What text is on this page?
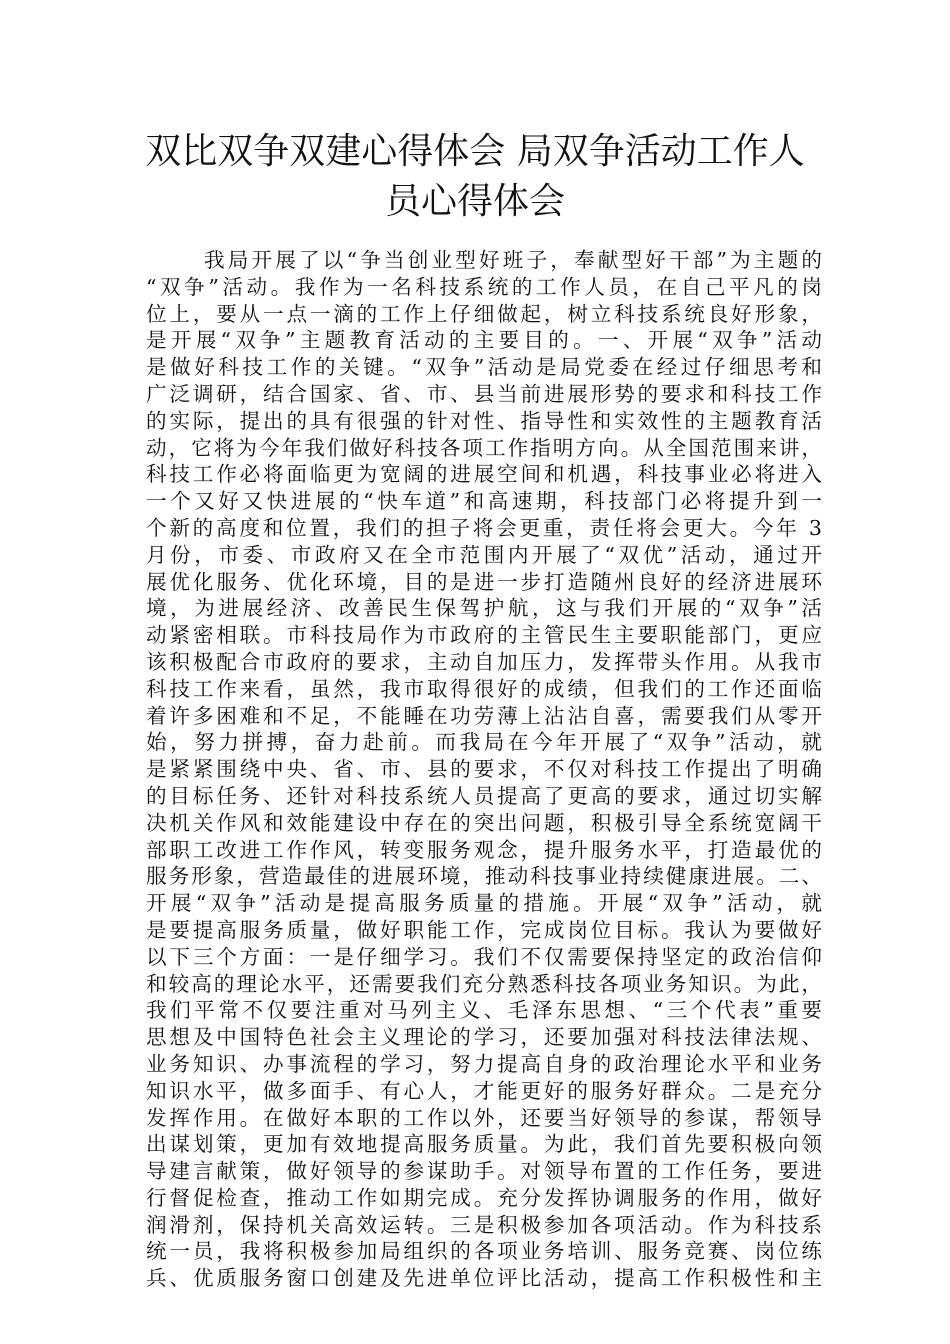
双比双争双建心得体会 局双争活动工作人
员心得体会
我局开展了以“争当创业型好班子，奉献型好干部”为主题的
“双争”活动。我作为一名科技系统的工作人员，在自己平凡的岗
位上，要从一点一滴的工作上仔细做起，树立科技系统良好形象，
是开展“双争”主题教育活动的主要目的。一、开展“双争”活动
是做好科技工作的关键。“双争”活动是局党委在经过仔细思考和
广泛调研，结合国家、省、市、县当前进展形势的要求和科技工作
的实际，提出的具有很强的针对性、指导性和实效性的主题教育活
动，它将为今年我们做好科技各项工作指明方向。从全国范围来讲，
科技工作必将面临更为宽阔的进展空间和机遇，科技事业必将进入
一个又好又快进展的“快车道”和高速期，科技部门必将提升到一
个新的高度和位置，我们的担子将会更重，责任将会更大。今年 3
月份，市委、市政府又在全市范围内开展了“双优”活动，通过开
展优化服务、优化环境，目的是进一步打造随州良好的经济进展环
境，为进展经济、改善民生保驾护航，这与我们开展的“双争”活
动紧密相联。市科技局作为市政府的主管民生主要职能部门，更应
该积极配合市政府的要求，主动自加压力，发挥带头作用。从我市
科技工作来看，虽然，我市取得很好的成绩，但我们的工作还面临
着许多困难和不足，不能睡在功劳薄上沾沾自喜，需要我们从零开
始，努力拼搏，奋力赴前。而我局在今年开展了“双争”活动，就
是紧紧围绕中央、省、市、县的要求，不仅对科技工作提出了明确
的目标任务、还针对科技系统人员提高了更高的要求，通过切实解
决机关作风和效能建设中存在的突出问题，积极引导全系统宽阔干
部职工改进工作作风，转变服务观念，提升服务水平，打造最优的
服务形象，营造最佳的进展环境，推动科技事业持续健康进展。二、
开展“双争”活动是提高服务质量的措施。开展“双争”活动，就
是要提高服务质量，做好职能工作，完成岗位目标。我认为要做好
以下三个方面：一是仔细学习。我们不仅需要保持坚定的政治信仰
和较高的理论水平，还需要我们充分熟悉科技各项业务知识。为此，
我们平常不仅要注重对马列主义、毛泽东思想、“三个代表”重要
思想及中国特色社会主义理论的学习，还要加强对科技法律法规、
业务知识、办事流程的学习，努力提高自身的政治理论水平和业务
知识水平，做多面手、有心人，才能更好的服务好群众。二是充分
发挥作用。在做好本职的工作以外，还要当好领导的参谋，帮领导
出谋划策，更加有效地提高服务质量。为此，我们首先要积极向领
导建言献策，做好领导的参谋助手。对领导布置的工作任务，要进
行督促检查，推动工作如期完成。充分发挥协调服务的作用，做好
润滑剂，保持机关高效运转。三是积极参加各项活动。作为科技系
统一员，我将积极参加局组织的各项业务培训、服务竞赛、岗位练
兵、优质服务窗口创建及先进单位评比活动，提高工作积极性和主
